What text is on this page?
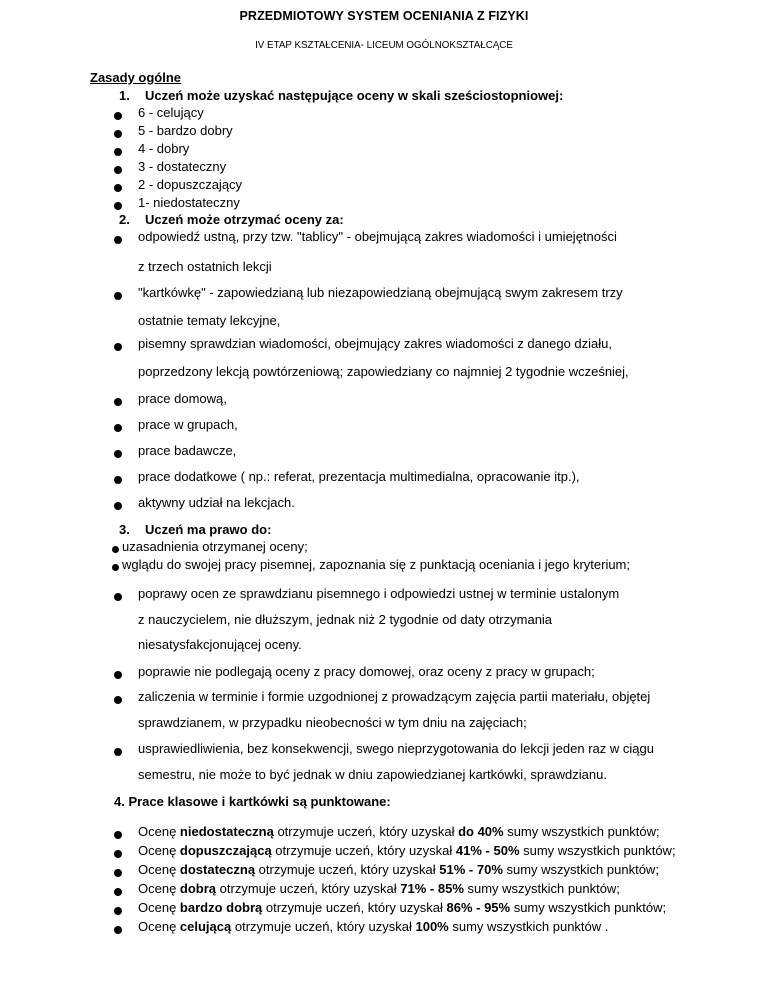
PRZEDMIOTOWY SYSTEM OCENIANIA Z FIZYKI
IV ETAP KSZTAŁCENIA- LICEUM OGÓLNOKSZTAŁCĄCE
Zasady ogólne
1. Uczeń może uzyskać następujące oceny w skali sześciostopniowej:
6 - celujący
5 - bardzo dobry
4 - dobry
3 - dostateczny
2 - dopuszczający
1- niedostateczny
2. Uczeń może otrzymać oceny za:
odpowiedź ustną, przy tzw. "tablicy" - obejmującą zakres wiadomości i umiejętności
z trzech ostatnich lekcji
"kartkówkę" - zapowiedzianą lub niezapowiedzianą obejmującą swym zakresem trzy
ostatnie tematy lekcyjne,
pisemny sprawdzian wiadomości, obejmujący zakres wiadomości z danego działu,
poprzedzony lekcją powtórzeniową; zapowiedziany co najmniej 2 tygodnie wcześniej,
prace domową,
prace w grupach,
prace badawcze,
prace dodatkowe ( np.: referat, prezentacja multimedialna, opracowanie itp.),
aktywny udział na lekcjach.
3. Uczeń ma prawo do:
uzasadnienia otrzymanej oceny;
wglądu do swojej pracy pisemnej, zapoznania się z punktacją oceniania i jego kryterium;
poprawy ocen ze sprawdzianu pisemnego i odpowiedzi ustnej w terminie ustalonym
z nauczycielem, nie dłuższym, jednak niż 2 tygodnie od daty otrzymania
niesatysfakcjonującej oceny.
poprawie nie podlegają oceny z pracy domowej, oraz oceny z pracy w grupach;
zaliczenia w terminie i formie uzgodnionej z prowadzącym zajęcia partii materiału, objętej
sprawdzianem, w przypadku nieobecności w tym dniu na zajęciach;
usprawiedliwienia, bez konsekwencji, swego nieprzygotowania do lekcji jeden raz w ciągu
semestru, nie może to być jednak w dniu zapowiedzianej kartkówki, sprawdzianu.
4. Prace klasowe i kartkówki są punktowane:
Ocenę niedostateczną otrzymuje uczeń, który uzyskał do 40% sumy wszystkich punktów;
Ocenę dopuszczającą otrzymuje uczeń, który uzyskał 41% - 50% sumy wszystkich punktów;
Ocenę dostateczną otrzymuje uczeń, który uzyskał 51% - 70% sumy wszystkich punktów;
Ocenę dobrą otrzymuje uczeń, który uzyskał 71% - 85% sumy wszystkich punktów;
Ocenę bardzo dobrą otrzymuje uczeń, który uzyskał 86% - 95% sumy wszystkich punktów;
Ocenę celującą otrzymuje uczeń, który uzyskał 100% sumy wszystkich punktów .
